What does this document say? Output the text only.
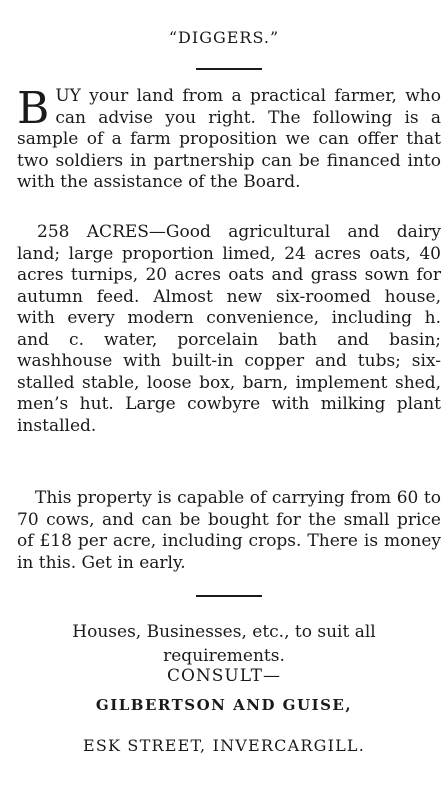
“DIGGERS.”

BUY your land from a practical farmer, who can advise you right. The following is a sample of a farm proposition we can offer that two soldiers in partnership can be financed into with the assistance of the Board.

258 ACRES—Good agricultural and dairy land; large proportion limed, 24 acres oats, 40 acres turnips, 20 acres oats and grass sown for autumn feed. Almost new six-roomed house, with every modern convenience, including h. and c. water, porcelain bath and basin; washhouse with built-in copper and tubs; six-stalled stable, loose box, barn, implement shed, men’s hut. Large cowbyre with milking plant installed.

This property is capable of carrying from 60 to 70 cows, and can be bought for the small price of £18 per acre, including crops. There is money in this. Get in early.

Houses, Businesses, etc., to suit all requirements.

CONSULT—

GILBERTSON AND GUISE,

ESK STREET, INVERCARGILL.
